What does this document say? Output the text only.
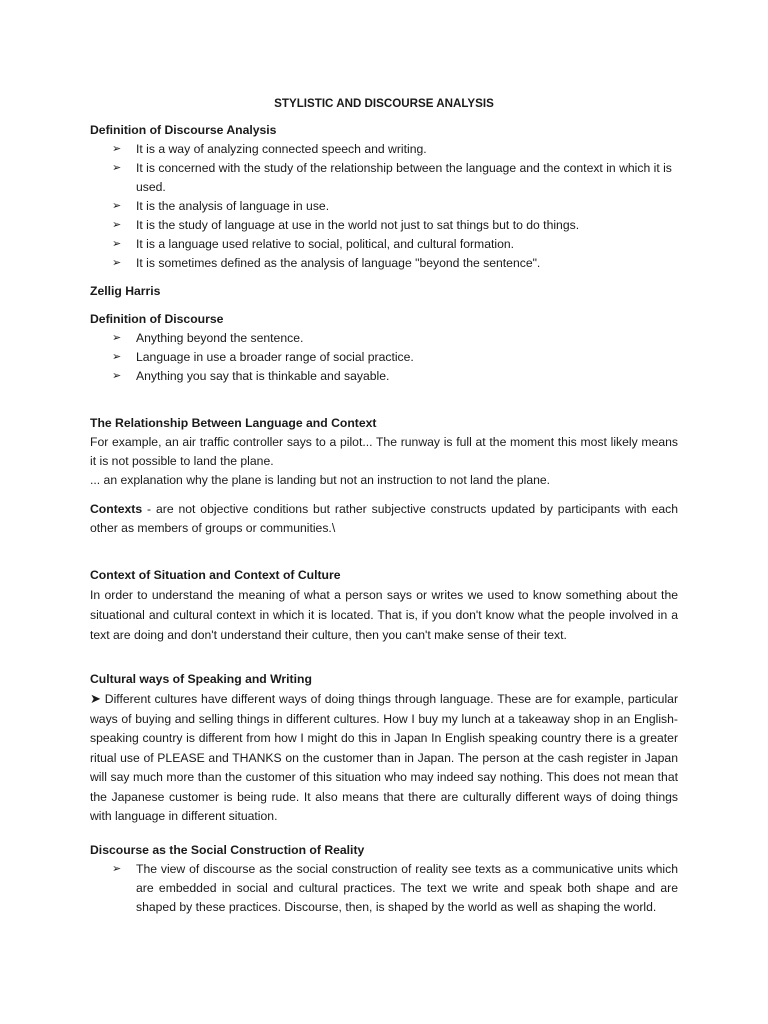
STYLISTIC AND DISCOURSE ANALYSIS
Definition of Discourse Analysis
➢ It is a way of analyzing connected speech and writing.
➢ It is concerned with the study of the relationship between the language and the context in which it is used.
➢ It is the analysis of language in use.
➢ It is the study of language at use in the world not just to sat things but to do things.
➢ It is a language used relative to social, political, and cultural formation.
➢ It is sometimes defined as the analysis of language "beyond the sentence".
Zellig Harris
Definition of Discourse
➢ Anything beyond the sentence.
➢ Language in use a broader range of social practice.
➢ Anything you say that is thinkable and sayable.
The Relationship Between Language and Context
For example, an air traffic controller says to a pilot... The runway is full at the moment this most likely means it is not possible to land the plane.
... an explanation why the plane is landing but not an instruction to not land the plane.
Contexts - are not objective conditions but rather subjective constructs updated by participants with each other as members of groups or communities.\
Context of Situation and Context of Culture
In order to understand the meaning of what a person says or writes we used to know something about the situational and cultural context in which it is located. That is, if you don't know what the people involved in a text are doing and don't understand their culture, then you can't make sense of their text.
Cultural ways of Speaking and Writing
➤ Different cultures have different ways of doing things through language. These are for example, particular ways of buying and selling things in different cultures. How I buy my lunch at a takeaway shop in an English-speaking country is different from how I might do this in Japan In English speaking country there is a greater ritual use of PLEASE and THANKS on the customer than in Japan. The person at the cash register in Japan will say much more than the customer of this situation who may indeed say nothing. This does not mean that the Japanese customer is being rude. It also means that there are culturally different ways of doing things with language in different situation.
Discourse as the Social Construction of Reality
➢ The view of discourse as the social construction of reality see texts as a communicative units which are embedded in social and cultural practices. The text we write and speak both shape and are shaped by these practices. Discourse, then, is shaped by the world as well as shaping the world.
